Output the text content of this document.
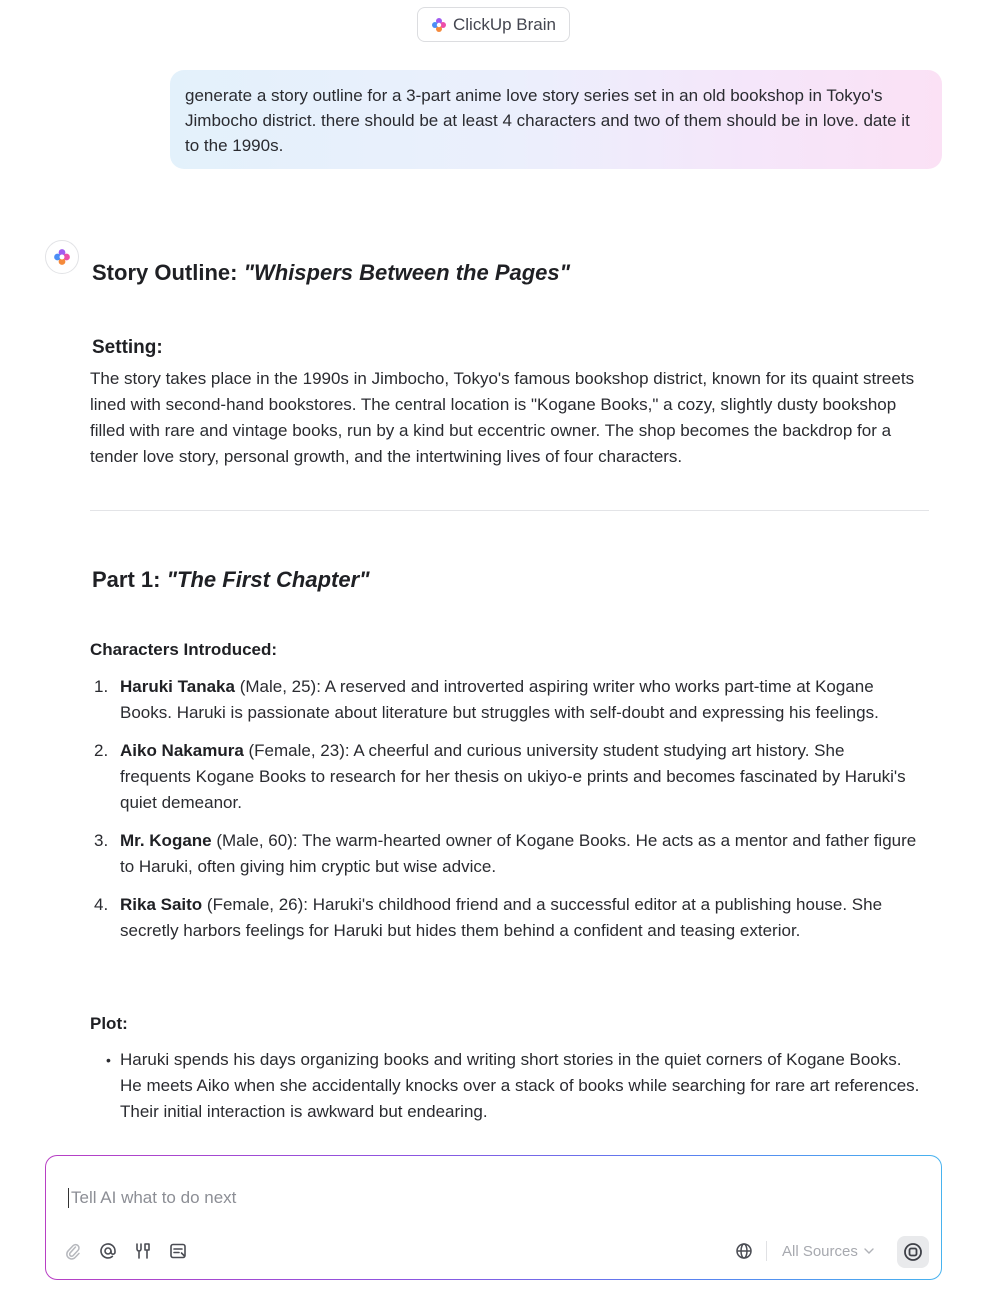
ClickUp Brain
generate a story outline for a 3-part anime love story series set in an old bookshop in Tokyo's Jimbocho district. there should be at least 4 characters and two of them should be in love. date it to the 1990s.
Story Outline: "Whispers Between the Pages"
Setting:

The story takes place in the 1990s in Jimbocho, Tokyo's famous bookshop district, known for its quaint streets lined with second-hand bookstores. The central location is "Kogane Books," a cozy, slightly dusty bookshop filled with rare and vintage books, run by a kind but eccentric owner. The shop becomes the backdrop for a tender love story, personal growth, and the intertwining lives of four characters.

Part 1: "The First Chapter"
Characters Introduced:
1. Haruki Tanaka (Male, 25): A reserved and introverted aspiring writer who works part-time at Kogane Books. Haruki is passionate about literature but struggles with self-doubt and expressing his feelings.
2. Aiko Nakamura (Female, 23): A cheerful and curious university student studying art history. She frequents Kogane Books to research for her thesis on ukiyo-e prints and becomes fascinated by Haruki's quiet demeanor.
3. Mr. Kogane (Male, 60): The warm-hearted owner of Kogane Books. He acts as a mentor and father figure to Haruki, often giving him cryptic but wise advice.
4. Rika Saito (Female, 26): Haruki's childhood friend and a successful editor at a publishing house. She secretly harbors feelings for Haruki but hides them behind a confident and teasing exterior.
Plot:
• Haruki spends his days organizing books and writing short stories in the quiet corners of Kogane Books. He meets Aiko when she accidentally knocks over a stack of books while searching for rare art references. Their initial interaction is awkward but endearing.
Tell AI what to do next
All Sources
